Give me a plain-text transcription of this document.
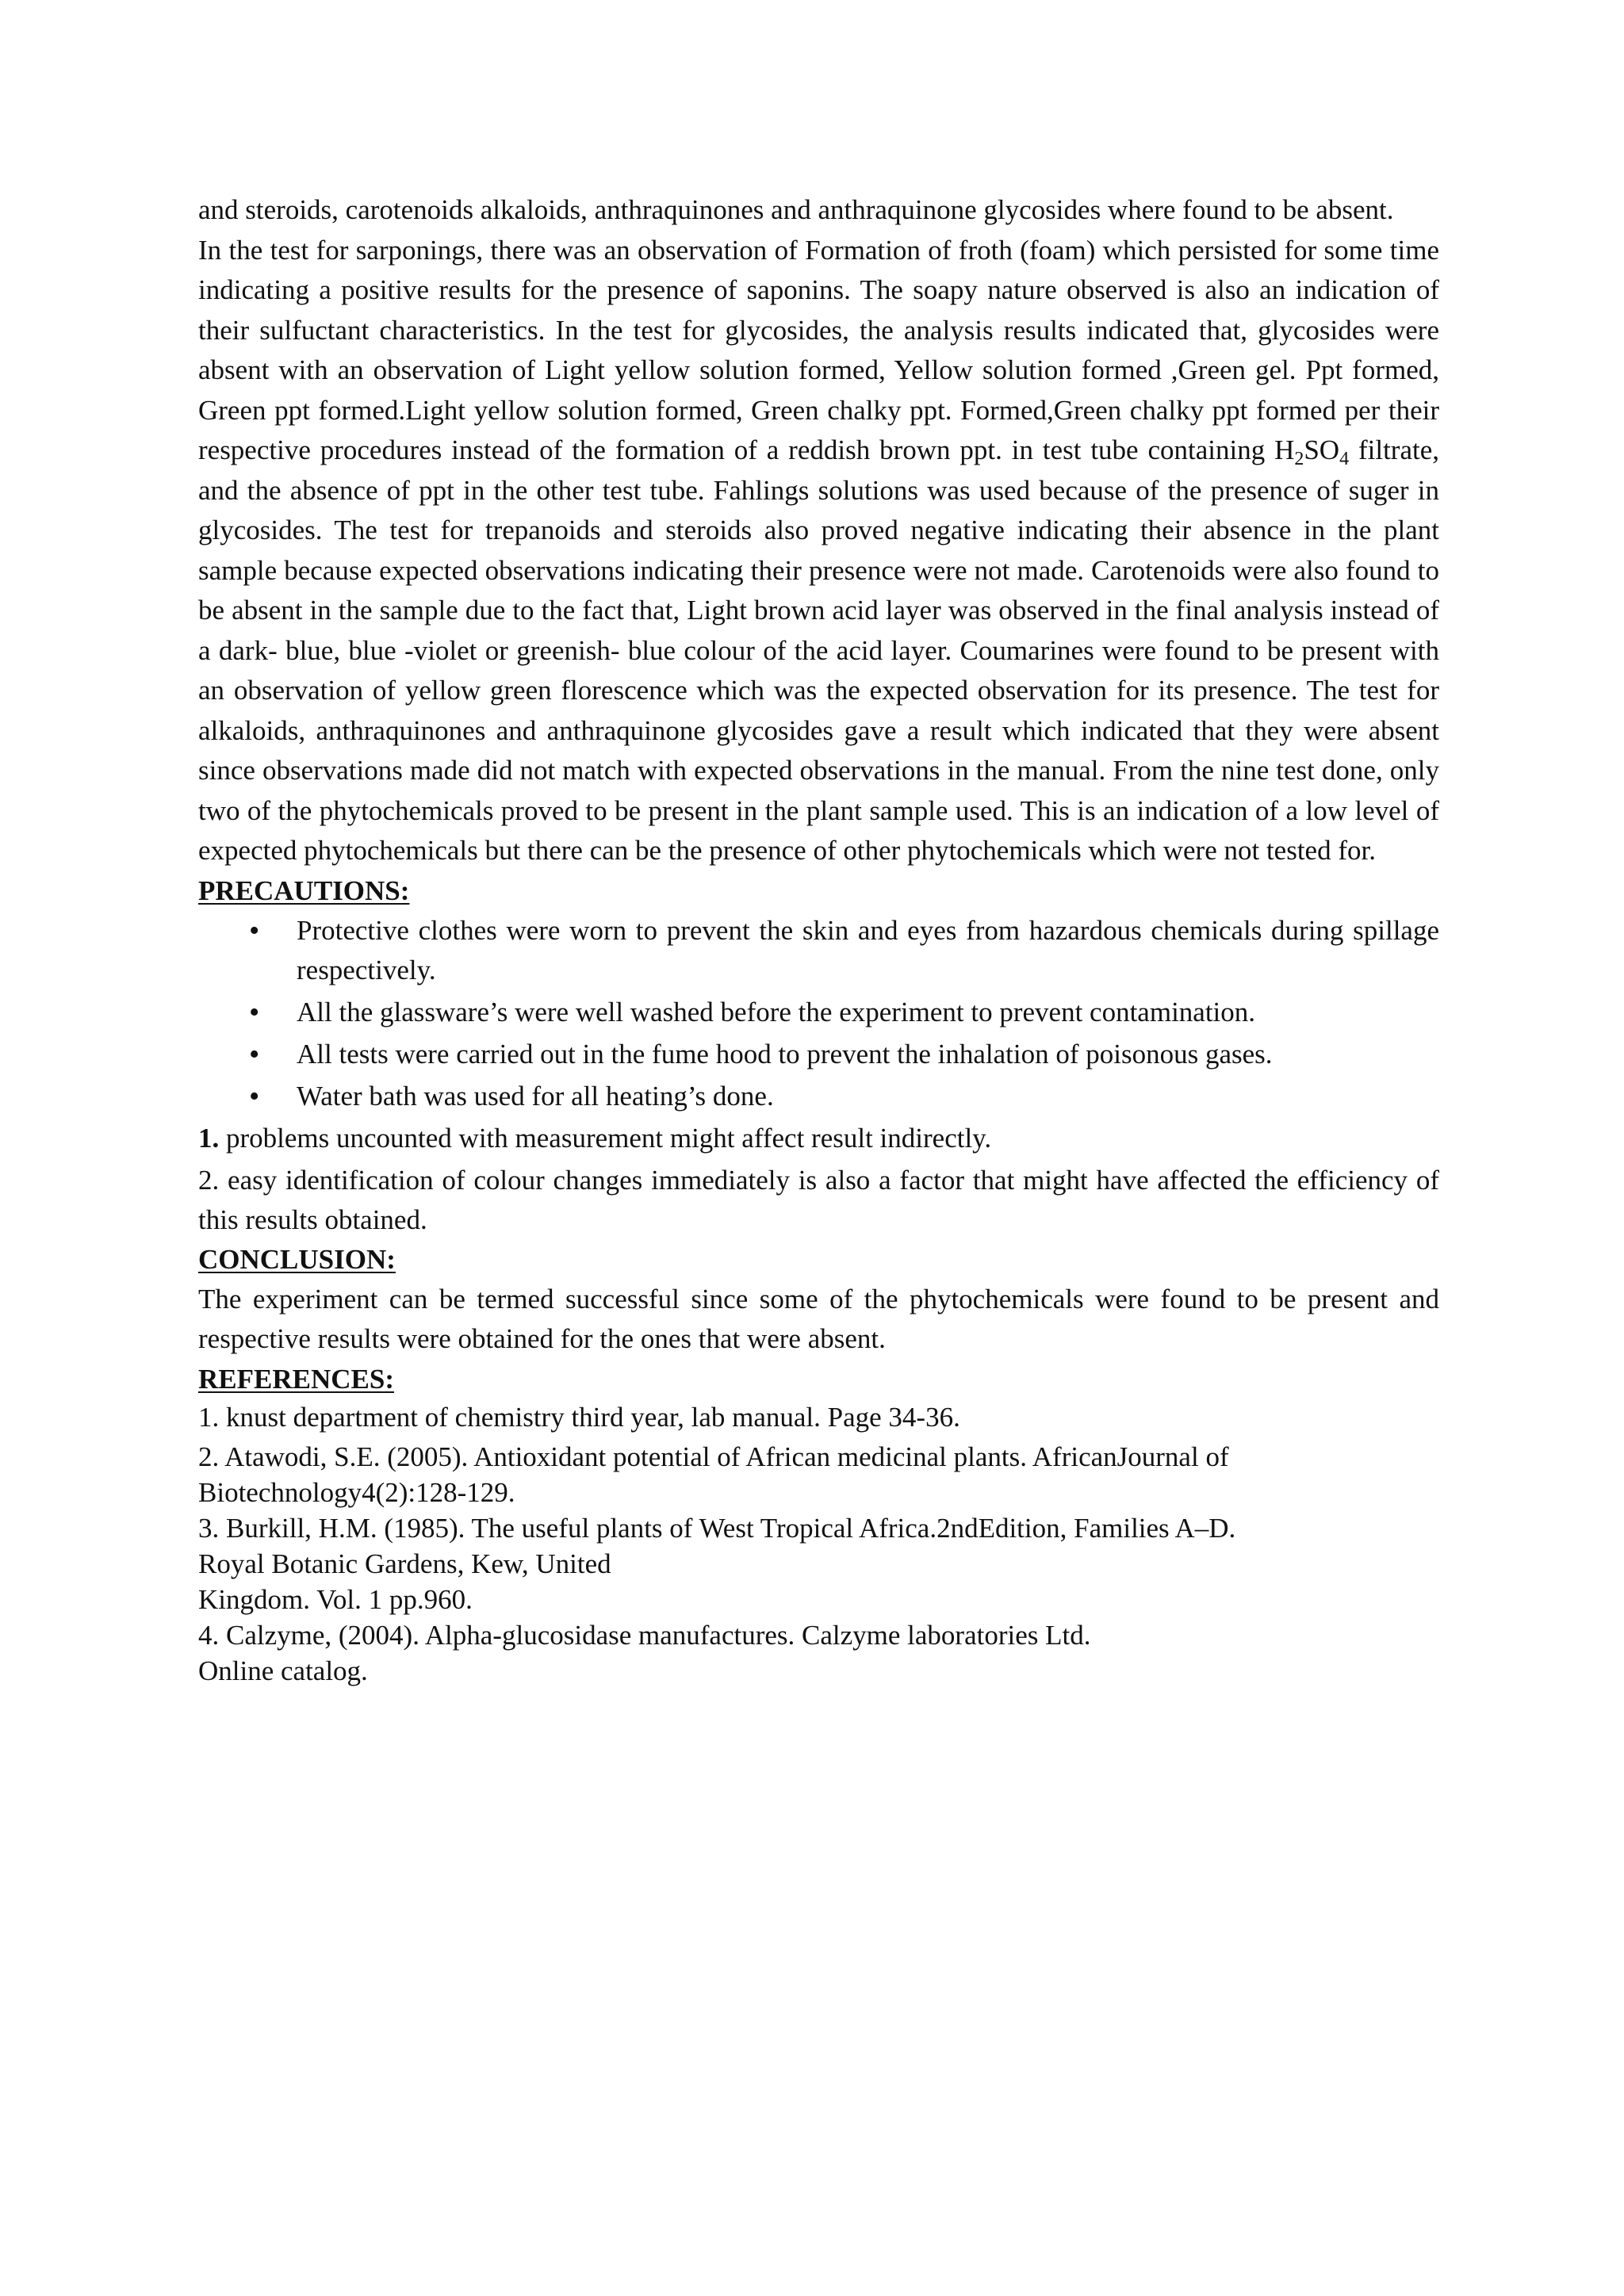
and steroids, carotenoids alkaloids, anthraquinones and anthraquinone glycosides where found to be absent.

In the test for sarponings, there was an observation of Formation of froth (foam) which persisted for some time indicating a positive results for the presence of saponins. The soapy nature observed is also an indication of their sulfuctant characteristics. In the test for glycosides, the analysis results indicated that, glycosides were absent with an observation of Light yellow solution formed, Yellow solution formed ,Green gel. Ppt formed, Green ppt formed.Light yellow solution formed, Green chalky ppt. Formed,Green chalky ppt formed per their respective procedures instead of the formation of a reddish brown ppt. in test tube containing $H_2SO_4$ filtrate, and the absence of ppt in the other test tube. Fahlings solutions was used because of the presence of suger in glycosides. The test for trepanoids and steroids also proved negative indicating their absence in the plant sample because expected observations indicating their presence were not made. Carotenoids were also found to be absent in the sample due to the fact that, Light brown acid layer was observed in the final analysis instead of a dark- blue, blue -violet or greenish- blue colour of the acid layer. Coumarines were found to be present with an observation of yellow green florescence which was the expected observation for its presence. The test for alkaloids, anthraquinones and anthraquinone glycosides gave a result which indicated that they were absent since observations made did not match with expected observations in the manual. From the nine test done, only two of the phytochemicals proved to be present in the plant sample used. This is an indication of a low level of expected phytochemicals but there can be the presence of other phytochemicals which were not tested for.

PRECAUTIONS:

• Protective clothes were worn to prevent the skin and eyes from hazardous chemicals during spillage respectively.
• All the glassware’s were well washed before the experiment to prevent contamination.
• All tests were carried out in the fume hood to prevent the inhalation of poisonous gases.
• Water bath was used for all heating’s done.

1. problems uncounted with measurement might affect result indirectly.

2. easy identification of colour changes immediately is also a factor that might have affected the efficiency of this results obtained.

CONCLUSION:

The experiment can be termed successful since some of the phytochemicals were found to be present and respective results were obtained for the ones that were absent.

REFERENCES:

1. knust department of chemistry third year, lab manual. Page 34-36.

2. Atawodi, S.E. (2005). Antioxidant potential of African medicinal plants. AfricanJournal of

Biotechnology4(2):128-129.

3. Burkill, H.M. (1985). The useful plants of West Tropical Africa.2ndEdition, Families A–D.

Royal Botanic Gardens, Kew, United

Kingdom. Vol. 1 pp.960.

4. Calzyme, (2004). Alpha-glucosidase manufactures. Calzyme laboratories Ltd.

Online catalog.
